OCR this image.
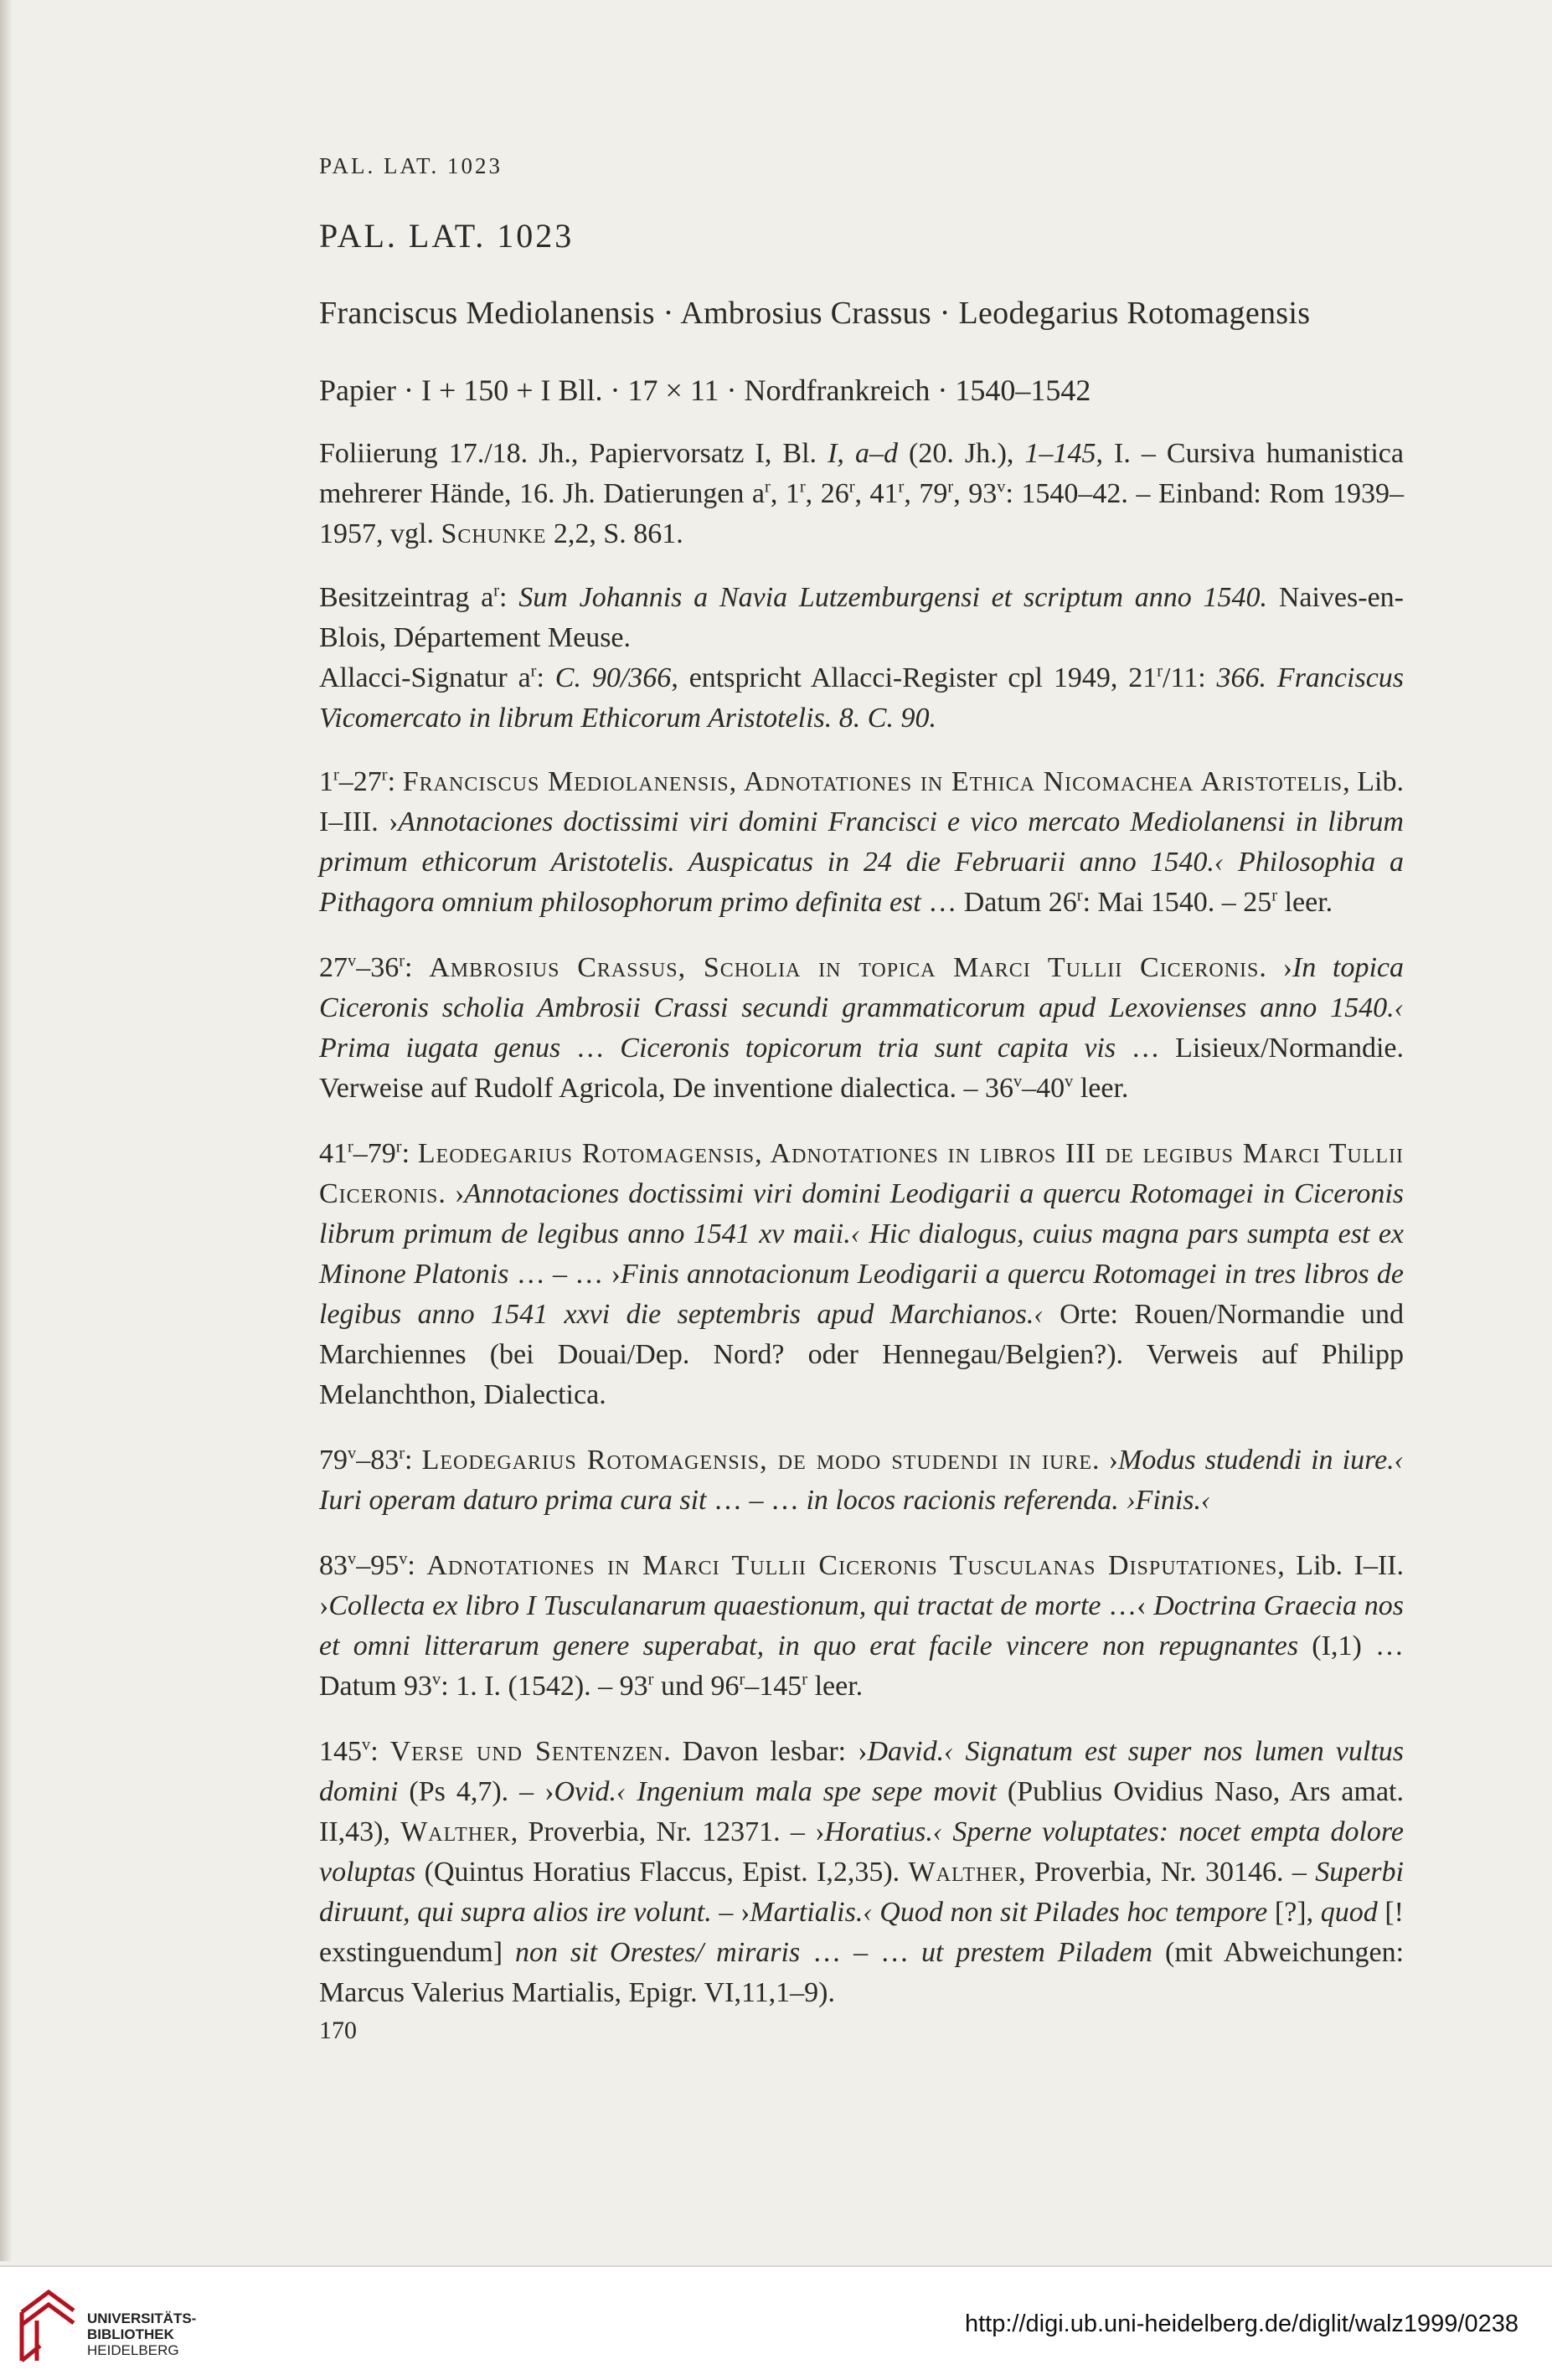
PAL. LAT. 1023
PAL. LAT. 1023
Franciscus Mediolanensis · Ambrosius Crassus · Leodegarius Rotomagensis
Papier · I + 150 + I Bll. · 17 × 11 · Nordfrankreich · 1540–1542

Foliierung 17./18. Jh., Papiervorsatz I, Bl. I, a–d (20. Jh.), 1–145, I. – Cursiva humanistica mehrerer Hände, 16. Jh. Datierungen $a^r$, 1$^r$, 26$^r$, 41$^r$, 79$^r$, 93$^v$: 1540–42. – Einband: Rom 1939–1957, vgl. Schunke 2,2, S. 861.

Besitzeintrag $a^r$: Sum Johannis a Navia Lutzemburgensi et scriptum anno 1540. Naives-en-Blois, Département Meuse.

Allacci-Signatur $a^r$: C. 90/366, entspricht Allacci-Register cpl 1949, 21$^r$/11: 366. Franciscus Vicomercato in librum Ethicorum Aristotelis. 8. C. 90.

1$^r$–27$^r$: Franciscus Mediolanensis, Adnotationes in Ethica Nicomachea Aristotelis, Lib. I–III. ›Annotaciones doctissimi viri domini Francisci e vico mercato Mediolanensi in librum primum ethicorum Aristotelis. Auspicatus in 24 die Februarii anno 1540.‹ Philosophia a Pithagora omnium philosophorum primo definita est … Datum 26$^r$: Mai 1540. – 25$^r$ leer.

27$^v$–36$^r$: Ambrosius Crassus, Scholia in topica Marci Tullii Ciceronis. ›In topica Ciceronis scholia Ambrosii Crassi secundi grammaticorum apud Lexovienses anno 1540.‹ Prima iugata genus … Ciceronis topicorum tria sunt capita vis … Lisieux/Normandie. Verweise auf Rudolf Agricola, De inventione dialectica. – 36$^v$–40$^v$ leer.

41$^r$–79$^r$: Leodegarius Rotomagensis, Adnotationes in libros III de legibus Marci Tullii Ciceronis. ›Annotaciones doctissimi viri domini Leodigarii a quercu Rotomagei in Ciceronis librum primum de legibus anno 1541 xv maii.‹ Hic dialogus, cuius magna pars sumpta est ex Minone Platonis … – … ›Finis annotacionum Leodigarii a quercu Rotomagei in tres libros de legibus anno 1541 xxvi die septembris apud Marchianos.‹ Orte: Rouen/Normandie und Marchiennes (bei Douai/Dep. Nord? oder Hennegau/Belgien?). Verweis auf Philipp Melanchthon, Dialectica.

79$^v$–83$^r$: Leodegarius Rotomagensis, de modo studendi in iure. ›Modus studendi in iure.‹ Iuri operam daturo prima cura sit … – … in locos racionis referenda. ›Finis.‹

83$^v$–95$^v$: Adnotationes in Marci Tullii Ciceronis Tusculanas Disputationes, Lib. I–II. ›Collecta ex libro I Tusculanarum quaestionum, qui tractat de morte …‹ Doctrina Graecia nos et omni litterarum genere superabat, in quo erat facile vincere non repugnantes (I,1) … Datum 93$^v$: 1. I. (1542). – 93$^r$ und 96$^r$–145$^r$ leer.

145$^v$: Verse und Sentenzen. Davon lesbar: ›David.‹ Signatum est super nos lumen vultus domini (Ps 4,7). – ›Ovid.‹ Ingenium mala spe sepe movit (Publius Ovidius Naso, Ars amat. II,43), Walther, Proverbia, Nr. 12371. – ›Horatius.‹ Sperne voluptates: nocet empta dolore voluptas (Quintus Horatius Flaccus, Epist. I,2,35). Walther, Proverbia, Nr. 30146. – Superbi diruunt, qui supra alios ire volunt. – ›Martialis.‹ Quod non sit Pilades hoc tempore [?], quod [! exstinguendum] non sit Orestes/ miraris … – … ut prestem Piladem (mit Abweichungen: Marcus Valerius Martialis, Epigr. VI,11,1–9).

170
UNIVERSITÄTS-
BIBLIOTHEK
HEIDELBERG
http://digi.ub.uni-heidelberg.de/diglit/walz1999/0238
